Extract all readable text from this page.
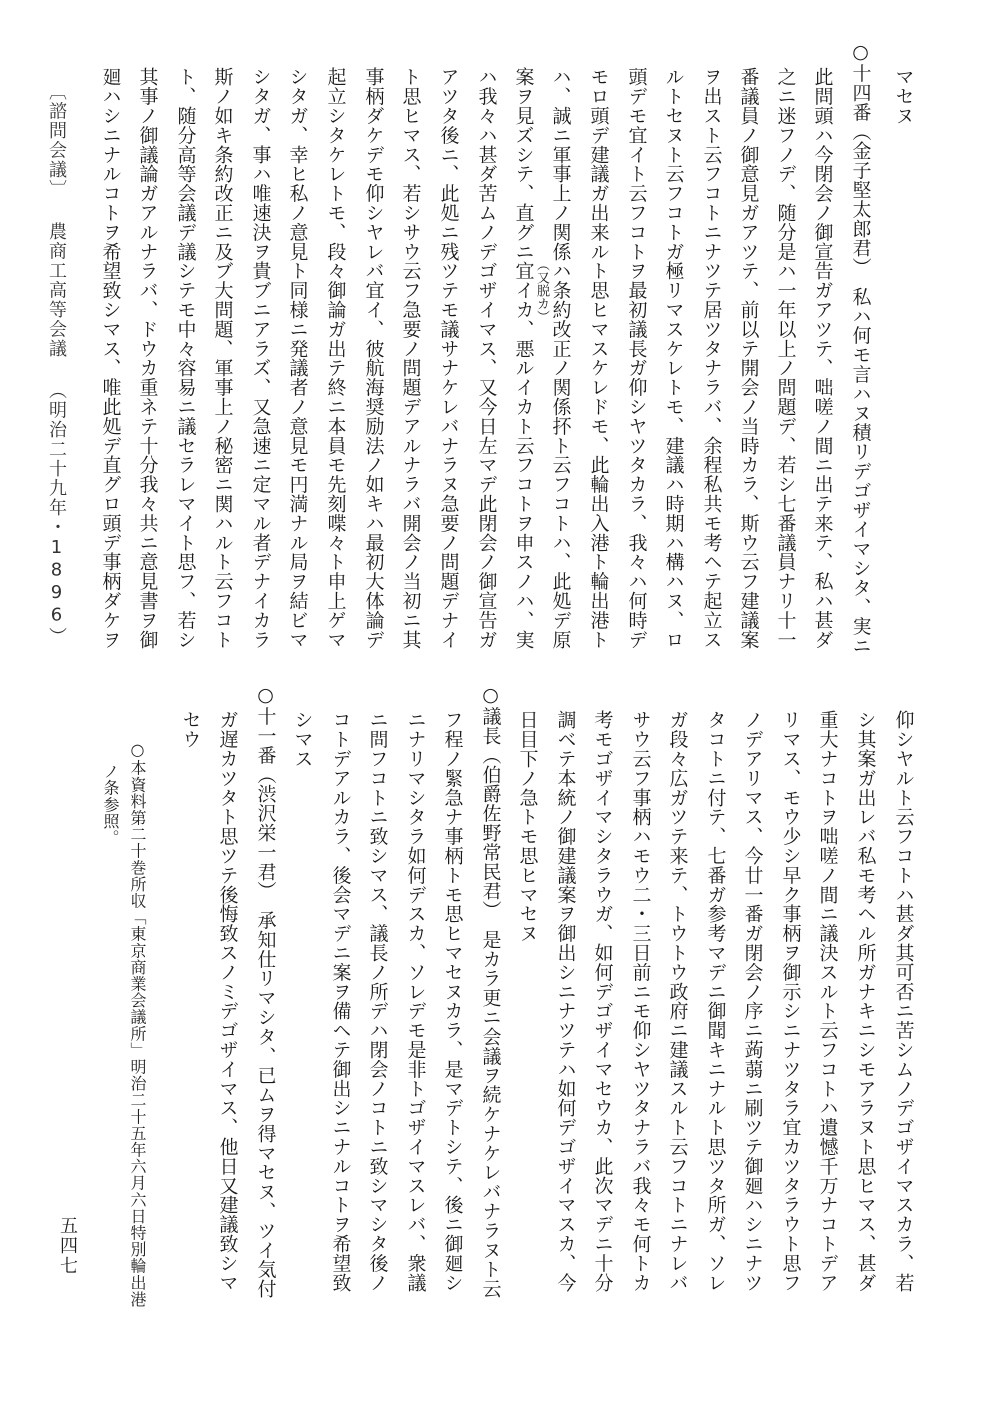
マセヌ
○十四番（金子堅太郎君）　私ハ何モ言ハヌ積リデゴザイマシタ、実ニ
此問頭ハ今閉会ノ御宣告ガアツテ、咄嗟ノ間ニ出テ来テ、私ハ甚ダ
之ニ迷フノデ、随分是ハ一年以上ノ問題デ、若シ七番議員ナリ十一
番議員ノ御意見ガアツテ、前以テ開会ノ当時カラ、斯ウ云フ建議案
ヲ出スト云フコトニナツテ居ツタナラバ、余程私共モ考ヘテ起立ス
ルトセヌト云フコトガ極リマスケレトモ、建議ハ時期ハ構ハヌ、ロ
頭デモ宜イト云フコトヲ最初議長ガ仰シヤツタカラ、我々ハ何時デ
モロ頭デ建議ガ出来ルト思ヒマスケレドモ、此輪出入港ト輪出港ト
（又脱カ） ハ、誠ニ軍事上ノ関係ハ条約改正ノ関係抔ト云フコトハ、此処デ原
案ヲ見ズシテ、直グニ宜イカ、悪ルイカト云フコトヲ申スノハ、実
ハ我々ハ甚ダ苦ムノデゴザイマス、又今日左マデ此閉会ノ御宣告ガ
アツタ後ニ、此処ニ残ツテモ議サナケレバナラヌ急要ノ問題デナイ
ト思ヒマス、若シサウ云フ急要ノ問題デアルナラバ開会ノ当初ニ其
事柄ダケデモ仰シヤレバ宜イ、彼航海奨励法ノ如キハ最初大体論デ
起立シタケレトモ、段々御論ガ出テ終ニ本員モ先刻喋々ト申上ゲマ
シタガ、幸ヒ私ノ意見ト同様ニ発議者ノ意見モ円満ナル局ヲ結ビマ
シタガ、事ハ唯速決ヲ貴ブニアラズ、又急速ニ定マル者デナイカラ
斯ノ如キ条約改正ニ及ブ大問題、軍事上ノ秘密ニ関ハルト云フコト
ト、随分高等会議デ議シテモ中々容易ニ議セラレマイト思フ、若シ
其事ノ御議論ガアルナラバ、ドウカ重ネテ十分我々共ニ意見書ヲ御
廻ハシニナルコトヲ希望致シマス、唯此処デ直グロ頭デ事柄ダケヲ
〔諮問会議〕 農商工高等会議 （明治二十九年・1896）
仰シヤルト云フコトハ甚ダ其可否ニ苦シムノデゴザイマスカラ、若
シ其案ガ出レバ私モ考ヘル所ガナキニシモアラヌト思ヒマス、甚ダ
重大ナコトヲ咄嗟ノ間ニ議決スルト云フコトハ遺憾千万ナコトデア
リマス、モウ少シ早ク事柄ヲ御示シニナツタラ宜カツタラウト思フ
ノデアリマス、今廿一番ガ閉会ノ序ニ蒟蒻ニ刷ツテ御廻ハシニナツ
タコトニ付テ、七番ガ参考マデニ御聞キニナルト思ツタ所ガ、ソレ
ガ段々広ガツテ来テ、トウトウ政府ニ建議スルト云フコトニナレバ
サウ云フ事柄ハモウ二・三日前ニモ仰シヤツタナラバ我々モ何トカ
考モゴザイマシタラウガ、如何デゴザイマセウカ、此次マデニ十分
調ベテ本統ノ御建議案ヲ御出シニナツテハ如何デゴザイマスカ、今
日目下ノ急トモ思ヒマセヌ
○議長（伯爵佐野常民君）　是カラ更ニ会議ヲ続ケナケレバナラヌト云
フ程ノ緊急ナ事柄トモ思ヒマセヌカラ、是マデトシテ、後ニ御廻シ
ニナリマシタラ如何デスカ、ソレデモ是非トゴザイマスレバ、衆議
ニ問フコトニ致シマス、議長ノ所デハ閉会ノコトニ致シマシタ後ノ
コトデアルカラ、後会マデニ案ヲ備ヘテ御出シニナルコトヲ希望致
シマス
○十一番（渋沢栄一君）　承知仕リマシタ、已ムヲ得マセヌ、ツイ気付
ガ遅カツタト思ツテ後悔致スノミデゴザイマス、他日又建議致シマ
セウ
○本資料第二十巻所収「東京商業会議所」明治二十五年六月六日特別輪出港
ノ条参照。
五四七
